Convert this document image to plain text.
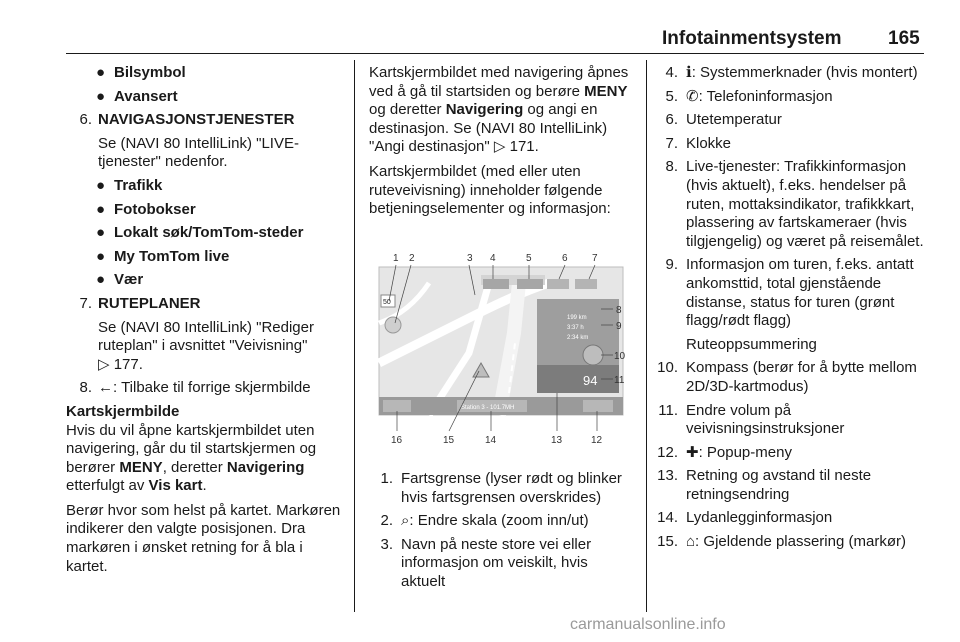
Infotainmentsystem 165
● Bilsymbol
● Avansert
6. NAVIGASJONSTJENESTER
Se (NAVI 80 IntelliLink) "LIVE-tjenester" nedenfor.
● Trafikk
● Fotobokser
● Lokalt søk/TomTom-steder
● My TomTom live
● Vær
7. RUTEPLANER
Se (NAVI 80 IntelliLink) "Rediger ruteplan" i avsnittet "Veivisning"
▷ 177.
8. ←: Tilbake til forrige skjermbilde
Kartskjermbilde

Hvis du vil åpne kartskjermbildet uten navigering, går du til startskjermen og berører MENY, deretter Navigering etterfulgt av Vis kart.

Berør hvor som helst på kartet. Markøren indikerer den valgte posisjonen. Dra markøren i ønsket retning for å bla i kartet.

Kartskjermbildet med navigering åpnes ved å gå til startsiden og berøre MENY og deretter Navigering og angi en destinasjon. Se (NAVI 80 IntelliLink) "Angi destinasjon" ▷ 171.

Kartskjermbildet (med eller uten ruteveivisning) inneholder følgende betjeningselementer og informasjon:

50
199 km
3:37 h
2:34 km
94
Station 3 - 101.7MH
1 2	3 4	5	6 7
8
9
10
11
16	15	14	13	12
1. Fartsgrense (lyser rødt og blinker hvis fartsgrensen overskrides)
2. ⌕: Endre skala (zoom inn/ut)
3. Navn på neste store vei eller informasjon om veiskilt, hvis aktuelt
4. ℹ: Systemmerknader (hvis montert)
5. ✆: Telefoninformasjon
6. Utetemperatur
7. Klokke
8. Live-tjenester: Trafikkinformasjon (hvis aktuelt), f.eks. hendelser på ruten, mottaksindikator, trafikkkart, plassering av fartskameraer (hvis tilgjengelig) og været på reisemålet.
9. Informasjon om turen, f.eks. antatt ankomsttid, total gjenstående distanse, status for turen (grønt flagg/rødt flagg)
Ruteoppsummering
10. Kompass (berør for å bytte mellom 2D/3D-kartmodus)
11. Endre volum på veivisningsinstruksjoner
12. ✚: Popup-meny
13. Retning og avstand til neste retningsendring
14. Lydanlegginformasjon
15. ⌂: Gjeldende plassering (markør)
carmanualsonline.info
